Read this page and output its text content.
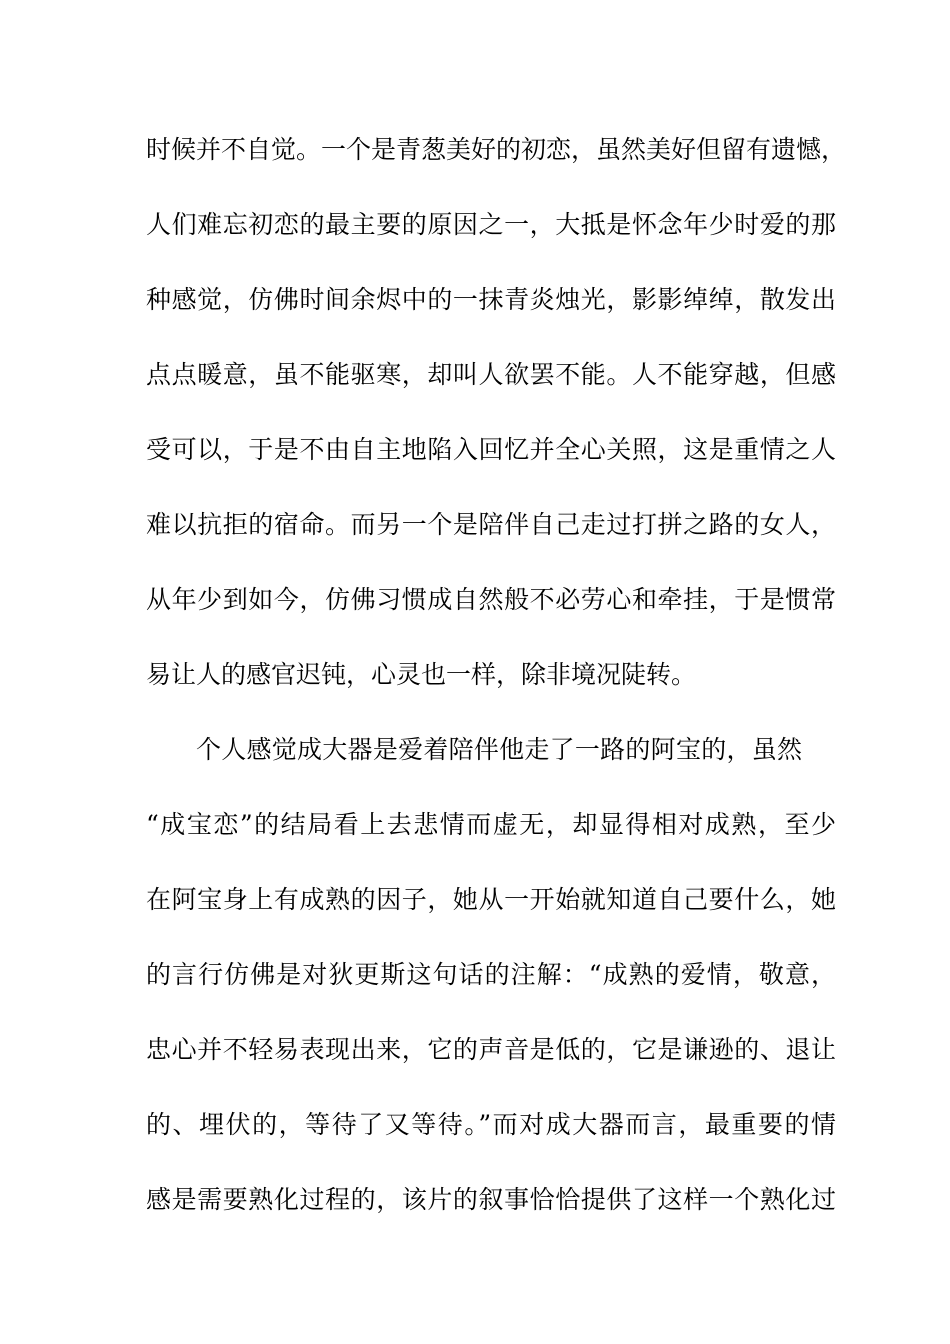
时候并不自觉。一个是青葱美好的初恋，虽然美好但留有遗憾，
人们难忘初恋的最主要的原因之一，大抵是怀念年少时爱的那
种感觉，仿佛时间余烬中的一抹青炎烛光，影影绰绰，散发出
点点暖意，虽不能驱寒，却叫人欲罢不能。人不能穿越，但感
受可以，于是不由自主地陷入回忆并全心关照，这是重情之人
难以抗拒的宿命。而另一个是陪伴自己走过打拼之路的女人，
从年少到如今，仿佛习惯成自然般不必劳心和牵挂，于是惯常
易让人的感官迟钝，心灵也一样，除非境况陡转。
个人感觉成大器是爱着陪伴他走了一路的阿宝的，虽然
“成宝恋”的结局看上去悲情而虚无，却显得相对成熟，至少
在阿宝身上有成熟的因子，她从一开始就知道自己要什么，她
的言行仿佛是对狄更斯这句话的注解：“成熟的爱情，敬意，
忠心并不轻易表现出来，它的声音是低的，它是谦逊的、退让
的、埋伏的，等待了又等待。”而对成大器而言，最重要的情
感是需要熟化过程的，该片的叙事恰恰提供了这样一个熟化过
